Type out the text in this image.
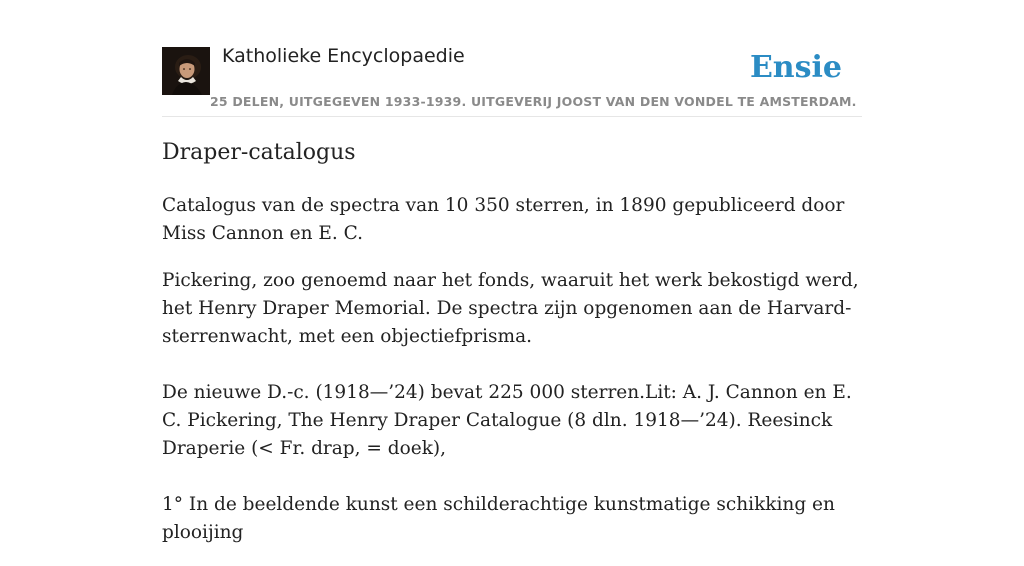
Katholieke Encyclopaedie
25 DELEN, UITGEGEVEN 1933-1939. UITGEVERIJ JOOST VAN DEN VONDEL TE AMSTERDAM.
Ensie
Draper-catalogus

Catalogus van de spectra van 10 350 sterren, in 1890 gepubliceerd door Miss Cannon en E. C.

Pickering, zoo genoemd naar het fonds, waaruit het werk bekostigd werd, het Henry Draper Memorial. De spectra zijn opgenomen aan de Harvard-sterrenwacht, met een objectiefprisma.

De nieuwe D.-c. (1918—’24) bevat 225 000 sterren.Lit: A. J. Cannon en E. C. Pickering, The Henry Draper Catalogue (8 dln. 1918—’24). Reesinck Draperie (< Fr. drap, = doek),

1° In de beeldende kunst een schilderachtige kunstmatige schikking en plooijing
